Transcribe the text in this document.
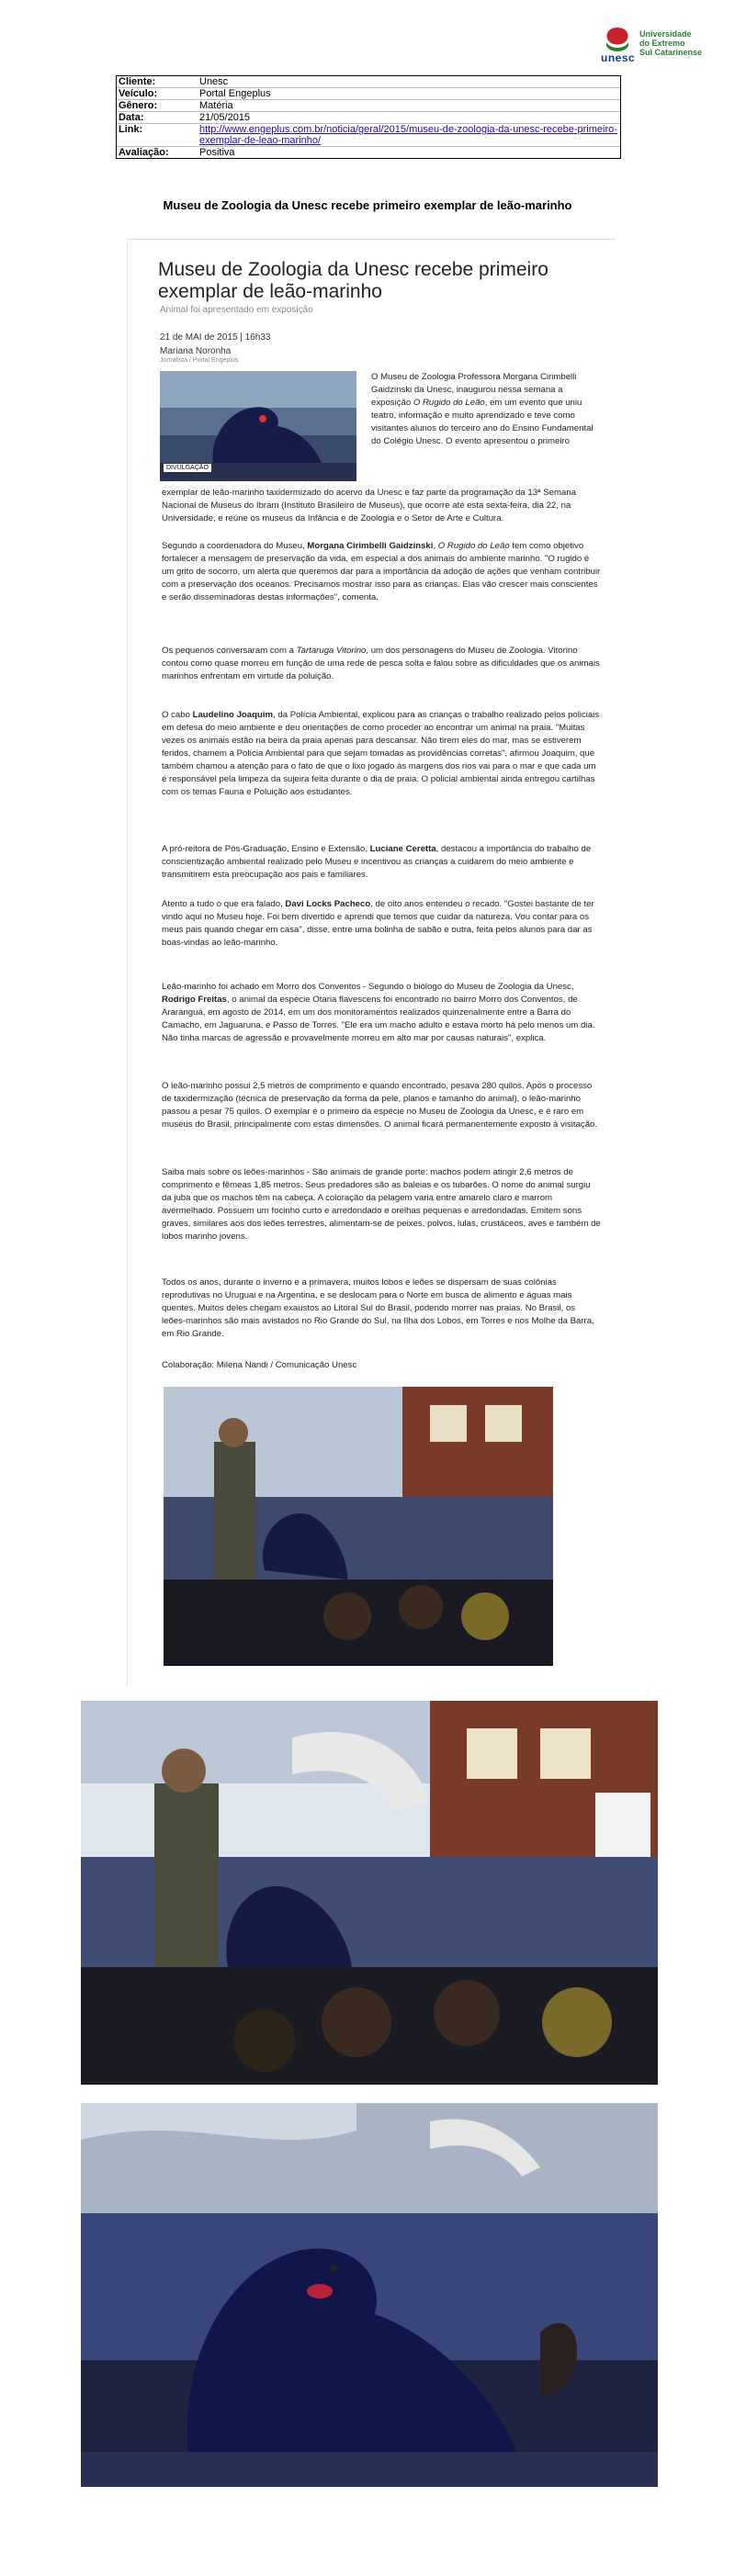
unesc
Universidade
do Extremo
Sul Catarinense
Cliente:	Unesc
Veículo:	Portal Engeplus
Gênero:	Matéria
Data:	21/05/2015
Link:	http://www.engeplus.com.br/noticia/geral/2015/museu-de-zoologia-da-unesc-recebe-primeiro-exemplar-de-leao-marinho/
Avaliação:	Positiva
Museu de Zoologia da Unesc recebe primeiro exemplar de leão-marinho
Museu de Zoologia da Unesc recebe primeiro exemplar de leão-marinho
Animal foi apresentado em exposição
21 de MAI de 2015 | 16h33
Mariana Noronha
Jornalista / Portal Engeplus
DIVULGAÇÃO
O Museu de Zoologia Professora Morgana Cirimbelli Gaidzinski da Unesc, inaugurou nessa semana a exposição O Rugido do Leão, em um evento que uniu teatro, informação e muito aprendizado e teve como visitantes alunos do terceiro ano do Ensino Fundamental do Colégio Unesc. O evento apresentou o primeiro
exemplar de leão-marinho taxidermizado do acervo da Unesc e faz parte da programação da 13ª Semana Nacional de Museus do Ibram (Instituto Brasileiro de Museus), que ocorre até esta sexta-feira, dia 22, na Universidade, e reúne os museus da Infância e de Zoologia e o Setor de Arte e Cultura.
Segundo a coordenadora do Museu, Morgana Cirimbelli Gaidzinski, O Rugido do Leão tem como objetivo fortalecer a mensagem de preservação da vida, em especial a dos animais do ambiente marinho. "O rugido é um grito de socorro, um alerta que queremos dar para a importância da adoção de ações que venham contribuir com a preservação dos oceanos. Precisamos mostrar isso para as crianças. Elas vão crescer mais conscientes e serão disseminadoras destas informações", comenta.
Os pequenos conversaram com a Tartaruga Vitorino, um dos personagens do Museu de Zoologia. Vitorino contou como quase morreu em função de uma rede de pesca solta e falou sobre as dificuldades que os animais marinhos enfrentam em virtude da poluição.
O cabo Laudelino Joaquim, da Polícia Ambiental, explicou para as crianças o trabalho realizado pelos policiais em defesa do meio ambiente e deu orientações de como proceder ao encontrar um animal na praia. "Muitas vezes os animais estão na beira da praia apenas para descansar. Não tirem eles do mar, mas se estiverem feridos, chamem a Polícia Ambiental para que sejam tomadas as providências corretas", afirmou Joaquim, que também chamou a atenção para o fato de que o lixo jogado às margens dos rios vai para o mar e que cada um é responsável pela limpeza da sujeira feita durante o dia de praia. O policial ambiental ainda entregou cartilhas com os temas Fauna e Poluição aos estudantes.
A pró-reitora de Pós-Graduação, Ensino e Extensão, Luciane Ceretta, destacou a importância do trabalho de conscientização ambiental realizado pelo Museu e incentivou as crianças a cuidarem do meio ambiente e transmitirem esta preocupação aos pais e familiares.
Atento a tudo o que era falado, Davi Locks Pacheco, de oito anos entendeu o recado. "Gostei bastante de ter vindo aqui no Museu hoje. Foi bem divertido e aprendi que temos que cuidar da natureza. Vou contar para os meus pais quando chegar em casa", disse, entre uma bolinha de sabão e outra, feita pelos alunos para dar as boas-vindas ao leão-marinho.
Leão-marinho foi achado em Morro dos Conventos - Segundo o biólogo do Museu de Zoologia da Unesc, Rodrigo Freitas, o animal da espécie Otaria flavescens foi encontrado no bairro Morro dos Conventos, de Araranguá, em agosto de 2014, em um dos monitoramentos realizados quinzenalmente entre a Barra do Camacho, em Jaguaruna, e Passo de Torres. "Ele era um macho adulto e estava morto há pelo menos um dia. Não tinha marcas de agressão e provavelmente morreu em alto mar por causas naturais", explica.
O leão-marinho possui 2,5 metros de comprimento e quando encontrado, pesava 280 quilos. Após o processo de taxidermização (técnica de preservação da forma da pele, planos e tamanho do animal), o leão-marinho passou a pesar 75 quilos. O exemplar é o primeiro da espécie no Museu de Zoologia da Unesc, e é raro em museus do Brasil, principalmente com estas dimensões. O animal ficará permanentemente exposto à visitação.
Saiba mais sobre os leões-marinhos - São animais de grande porte: machos podem atingir 2,6 metros de comprimento e fêmeas 1,85 metros. Seus predadores são as baleias e os tubarões. O nome do animal surgiu da juba que os machos têm na cabeça. A coloração da pelagem varia entre amarelo claro e marrom avermelhado. Possuem um focinho curto e arredondado e orelhas pequenas e arredondadas. Emitem sons graves, similares aos dos leões terrestres, alimentam-se de peixes, polvos, lulas, crustáceos, aves e também de lobos marinho jovens.
Todos os anos, durante o inverno e a primavera, muitos lobos e leões se dispersam de suas colônias reprodutivas no Uruguai e na Argentina, e se deslocam para o Norte em busca de alimento e águas mais quentes. Muitos deles chegam exaustos ao Litoral Sul do Brasil, podendo morrer nas praias. No Brasil, os leões-marinhos são mais avistados no Rio Grande do Sul, na Ilha dos Lobos, em Torres e nos Molhe da Barra, em Rio Grande.
Colaboração: Milena Nandi / Comunicação Unesc
